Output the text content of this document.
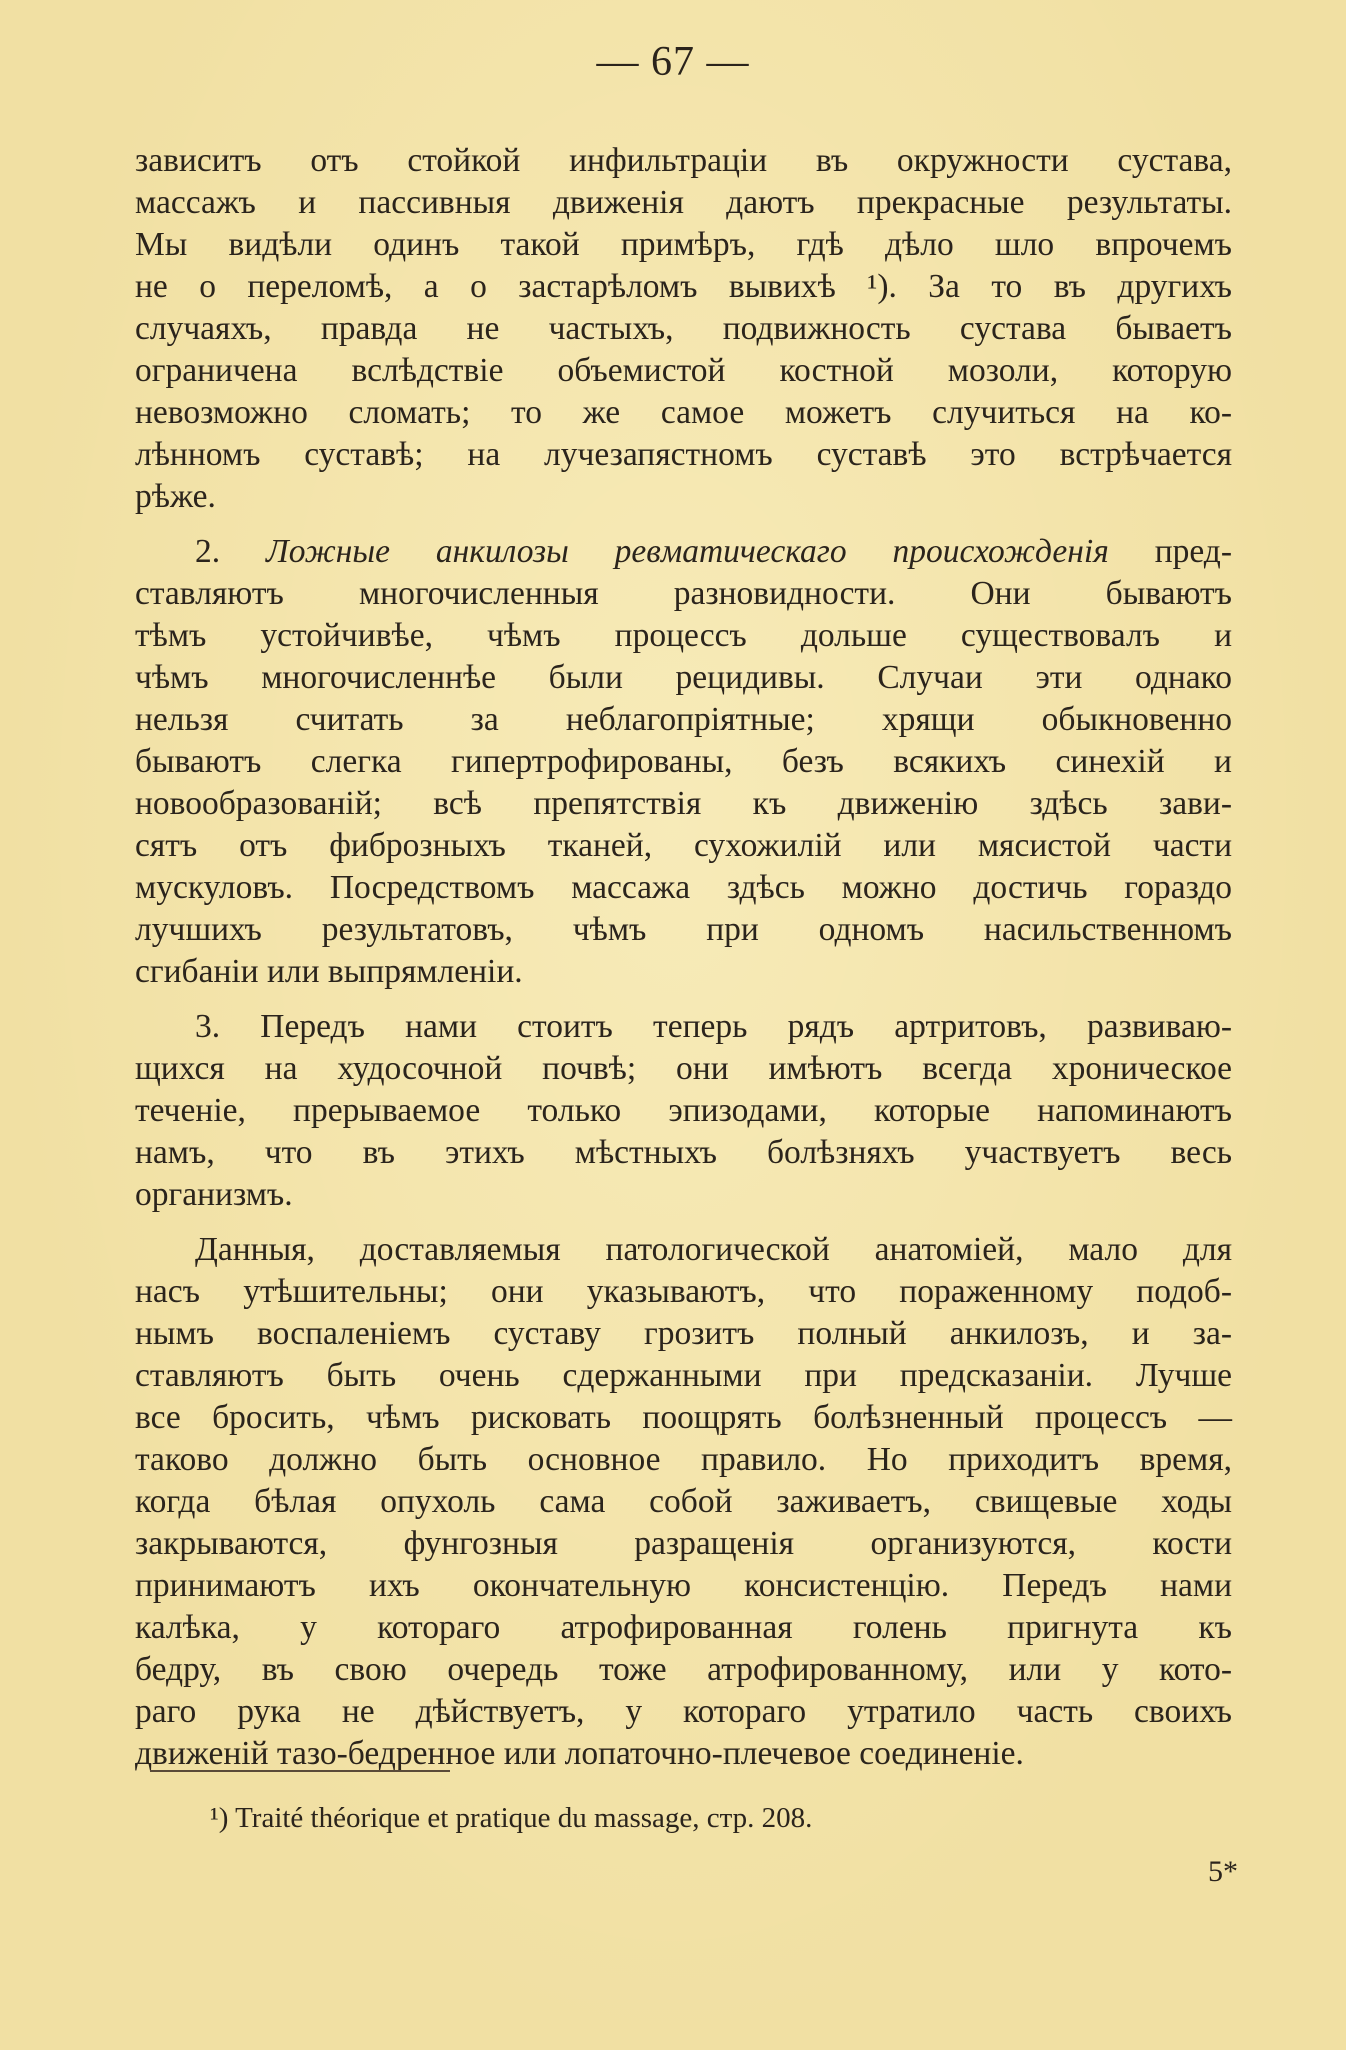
— 67 —
зависитъ отъ стойкой инфильтраціи въ окружности сустава,
массажъ и пассивныя движенія даютъ прекрасные результаты.
Мы видѣли одинъ такой примѣръ, гдѣ дѣло шло впрочемъ
не о переломѣ, а о застарѣломъ вывихѣ ¹). За то въ другихъ
случаяхъ, правда не частыхъ, подвижность сустава бываетъ
ограничена вслѣдствіе объемистой костной мозоли, которую
невозможно сломать; то же самое можетъ случиться на ко-
лѣнномъ суставѣ; на лучезапястномъ суставѣ это встрѣчается
рѣже.
2. Ложные анкилозы ревматическаго происхожденія пред-
ставляютъ многочисленныя разновидности. Они бываютъ
тѣмъ устойчивѣе, чѣмъ процессъ дольше существовалъ и
чѣмъ многочисленнѣе были рецидивы. Случаи эти однако
нельзя считать за неблагопріятные; хрящи обыкновенно
бываютъ слегка гипертрофированы, безъ всякихъ синехій и
новообразованій; всѣ препятствія къ движенію здѣсь зави-
сятъ отъ фиброзныхъ тканей, сухожилій или мясистой части
мускуловъ. Посредствомъ массажа здѣсь можно достичь гораздо
лучшихъ результатовъ, чѣмъ при одномъ насильственномъ
сгибаніи или выпрямленіи.
3. Передъ нами стоитъ теперь рядъ артритовъ, развиваю-
щихся на худосочной почвѣ; они имѣютъ всегда хроническое
теченіе, прерываемое только эпизодами, которые напоминаютъ
намъ, что въ этихъ мѣстныхъ болѣзняхъ участвуетъ весь
организмъ.
Данныя, доставляемыя патологической анатоміей, мало для
насъ утѣшительны; они указываютъ, что пораженному подоб-
нымъ воспаленіемъ суставу грозитъ полный анкилозъ, и за-
ставляютъ быть очень сдержанными при предсказаніи. Лучше
все бросить, чѣмъ рисковать поощрять болѣзненный процессъ —
таково должно быть основное правило. Но приходитъ время,
когда бѣлая опухоль сама собой заживаетъ, свищевые ходы
закрываются, фунгозныя разращенія организуются, кости
принимаютъ ихъ окончательную консистенцію. Передъ нами
калѣка, у котораго атрофированная голень пригнута къ
бедру, въ свою очередь тоже атрофированному, или у кото-
раго рука не дѣйствуетъ, у котораго утратило часть своихъ
движеній тазо-бедренное или лопаточно-плечевое соединеніе.
¹) Traité théorique et pratique du massage, стр. 208.
5*
